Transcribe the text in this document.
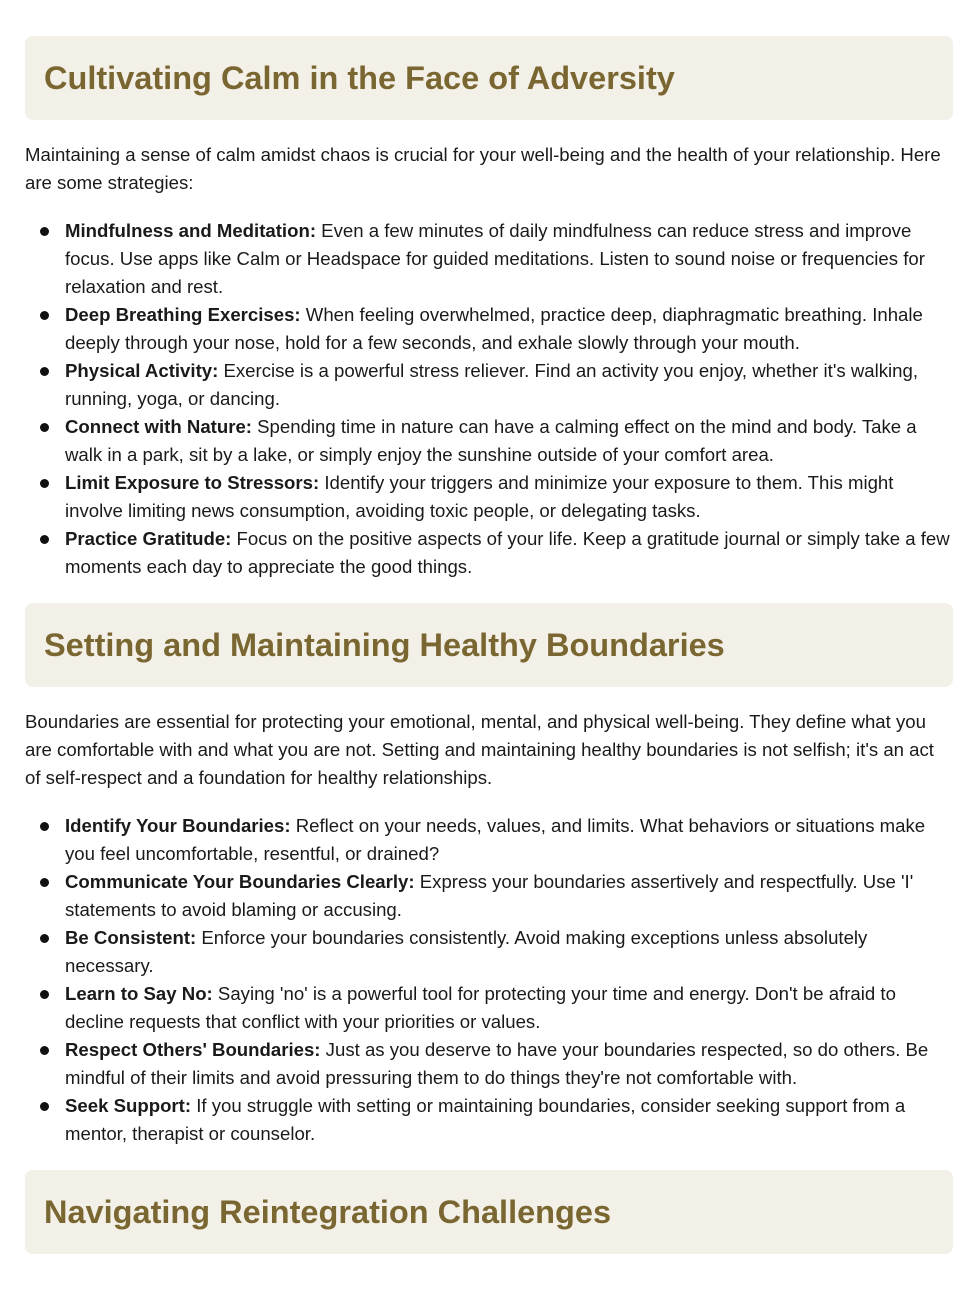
Cultivating Calm in the Face of Adversity

Maintaining a sense of calm amidst chaos is crucial for your well-being and the health of your relationship. Here are some strategies:

Mindfulness and Meditation: Even a few minutes of daily mindfulness can reduce stress and improve focus. Use apps like Calm or Headspace for guided meditations. Listen to sound noise or frequencies for relaxation and rest.
Deep Breathing Exercises: When feeling overwhelmed, practice deep, diaphragmatic breathing. Inhale deeply through your nose, hold for a few seconds, and exhale slowly through your mouth.
Physical Activity: Exercise is a powerful stress reliever. Find an activity you enjoy, whether it's walking, running, yoga, or dancing.
Connect with Nature: Spending time in nature can have a calming effect on the mind and body. Take a walk in a park, sit by a lake, or simply enjoy the sunshine outside of your comfort area.
Limit Exposure to Stressors: Identify your triggers and minimize your exposure to them. This might involve limiting news consumption, avoiding toxic people, or delegating tasks.
Practice Gratitude: Focus on the positive aspects of your life. Keep a gratitude journal or simply take a few moments each day to appreciate the good things.
Setting and Maintaining Healthy Boundaries

Boundaries are essential for protecting your emotional, mental, and physical well-being. They define what you are comfortable with and what you are not. Setting and maintaining healthy boundaries is not selfish; it's an act of self-respect and a foundation for healthy relationships.

Identify Your Boundaries: Reflect on your needs, values, and limits. What behaviors or situations make you feel uncomfortable, resentful, or drained?
Communicate Your Boundaries Clearly: Express your boundaries assertively and respectfully. Use 'I' statements to avoid blaming or accusing.
Be Consistent: Enforce your boundaries consistently. Avoid making exceptions unless absolutely necessary.
Learn to Say No: Saying 'no' is a powerful tool for protecting your time and energy. Don't be afraid to decline requests that conflict with your priorities or values.
Respect Others' Boundaries: Just as you deserve to have your boundaries respected, so do others. Be mindful of their limits and avoid pressuring them to do things they're not comfortable with.
Seek Support: If you struggle with setting or maintaining boundaries, consider seeking support from a mentor, therapist or counselor.
Navigating Reintegration Challenges
